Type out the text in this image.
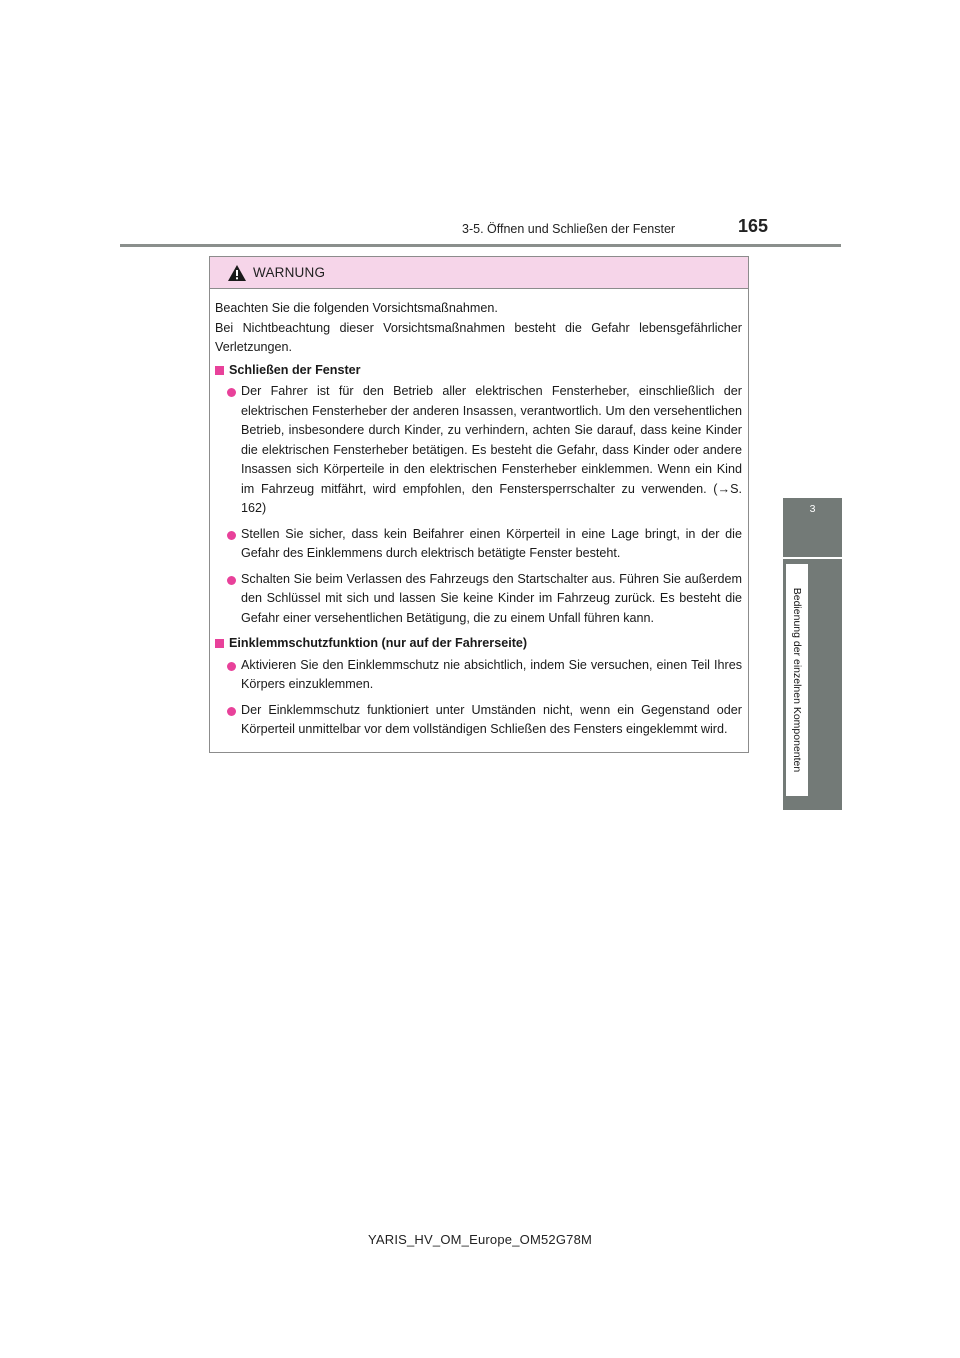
3-5. Öffnen und Schließen der Fenster	165
3
Bedienung der einzelnen Komponenten
WARNUNG

Beachten Sie die folgenden Vorsichtsmaßnahmen.
Bei Nichtbeachtung dieser Vorsichtsmaßnahmen besteht die Gefahr lebensgefährlicher Verletzungen.

Schließen der Fenster
Der Fahrer ist für den Betrieb aller elektrischen Fensterheber, einschließlich der elektrischen Fensterheber der anderen Insassen, verantwortlich. Um den versehentlichen Betrieb, insbesondere durch Kinder, zu verhindern, achten Sie darauf, dass keine Kinder die elektrischen Fensterheber betätigen. Es besteht die Gefahr, dass Kinder oder andere Insassen sich Körperteile in den elektrischen Fensterheber einklemmen. Wenn ein Kind im Fahrzeug mitfährt, wird empfohlen, den Fenstersperrschalter zu verwenden. (→S. 162)
Stellen Sie sicher, dass kein Beifahrer einen Körperteil in eine Lage bringt, in der die Gefahr des Einklemmens durch elektrisch betätigte Fenster besteht.
Schalten Sie beim Verlassen des Fahrzeugs den Startschalter aus. Führen Sie außerdem den Schlüssel mit sich und lassen Sie keine Kinder im Fahrzeug zurück. Es besteht die Gefahr einer versehentlichen Betätigung, die zu einem Unfall führen kann.
Einklemmschutzfunktion (nur auf der Fahrerseite)
Aktivieren Sie den Einklemmschutz nie absichtlich, indem Sie versuchen, einen Teil Ihres Körpers einzuklemmen.
Der Einklemmschutz funktioniert unter Umständen nicht, wenn ein Gegenstand oder Körperteil unmittelbar vor dem vollständigen Schließen des Fensters eingeklemmt wird.
YARIS_HV_OM_Europe_OM52G78M
